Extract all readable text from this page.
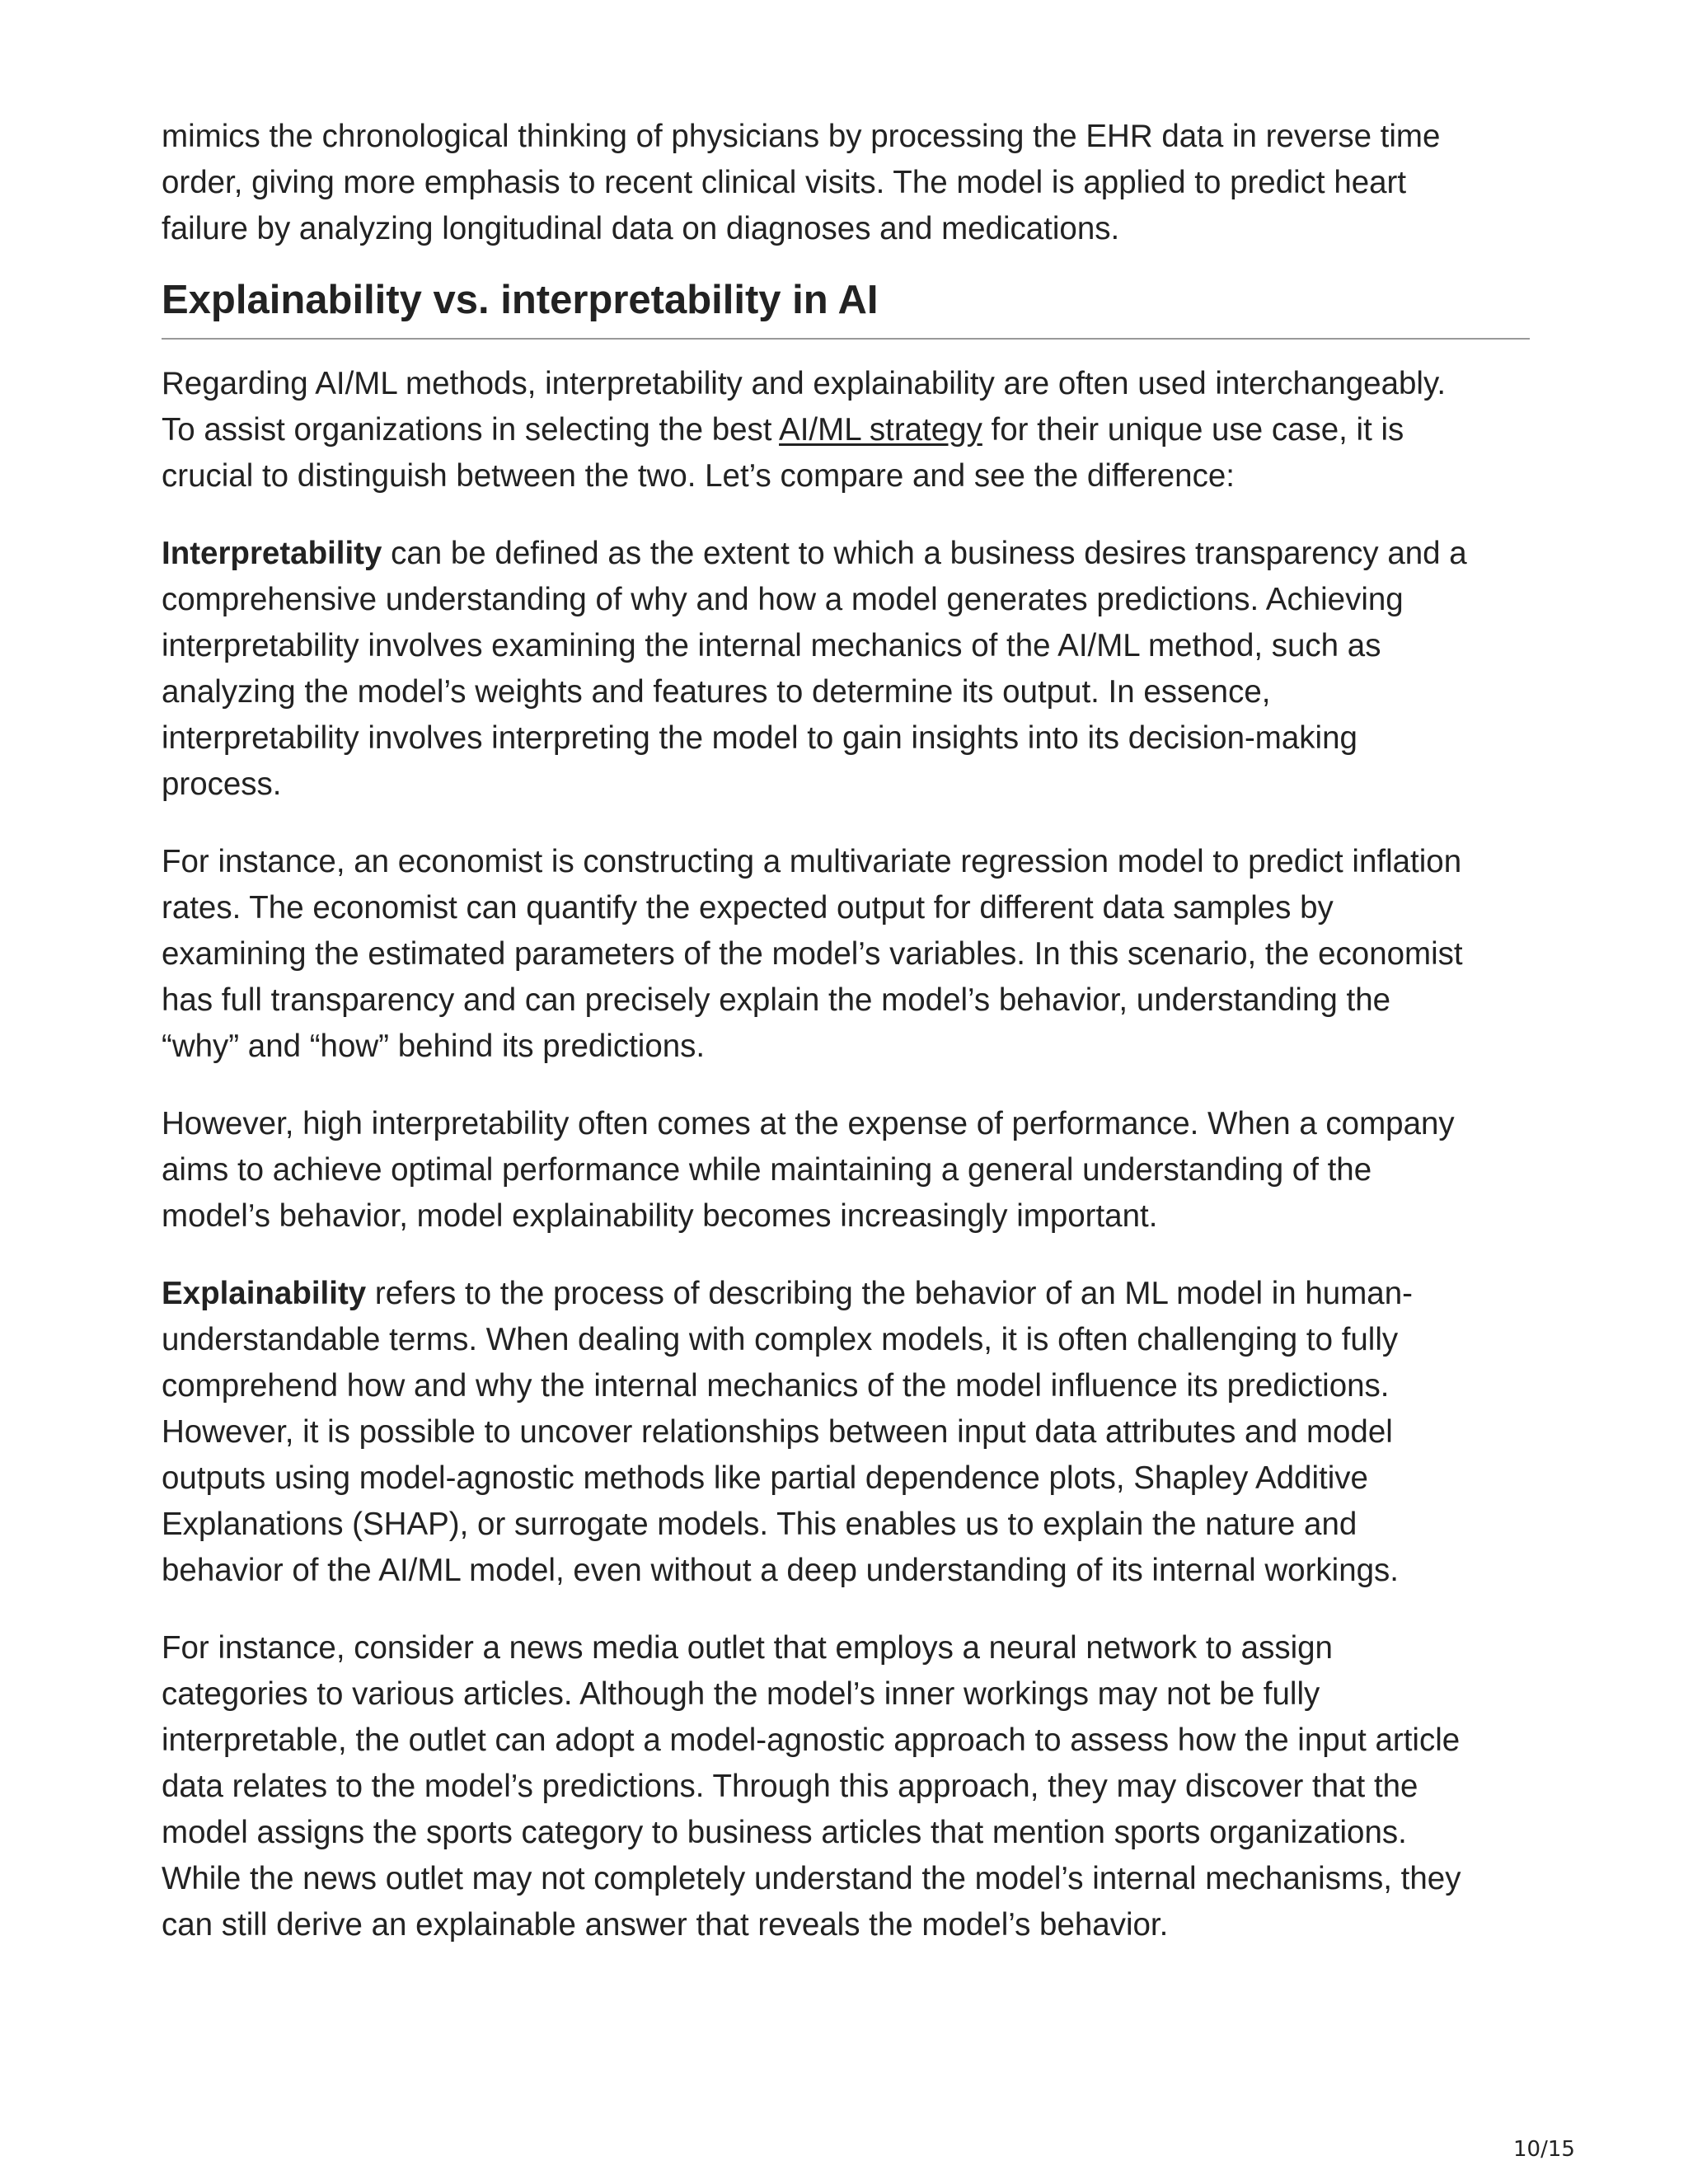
mimics the chronological thinking of physicians by processing the EHR data in reverse time
order, giving more emphasis to recent clinical visits. The model is applied to predict heart
failure by analyzing longitudinal data on diagnoses and medications.

Explainability vs. interpretability in AI

Regarding AI/ML methods, interpretability and explainability are often used interchangeably.
To assist organizations in selecting the best AI/ML strategy for their unique use case, it is
crucial to distinguish between the two. Let’s compare and see the difference:

Interpretability can be defined as the extent to which a business desires transparency and a
comprehensive understanding of why and how a model generates predictions. Achieving
interpretability involves examining the internal mechanics of the AI/ML method, such as
analyzing the model’s weights and features to determine its output. In essence,
interpretability involves interpreting the model to gain insights into its decision-making
process.

For instance, an economist is constructing a multivariate regression model to predict inflation
rates. The economist can quantify the expected output for different data samples by
examining the estimated parameters of the model’s variables. In this scenario, the economist
has full transparency and can precisely explain the model’s behavior, understanding the
“why” and “how” behind its predictions.

However, high interpretability often comes at the expense of performance. When a company
aims to achieve optimal performance while maintaining a general understanding of the
model’s behavior, model explainability becomes increasingly important.

Explainability refers to the process of describing the behavior of an ML model in human-
understandable terms. When dealing with complex models, it is often challenging to fully
comprehend how and why the internal mechanics of the model influence its predictions.
However, it is possible to uncover relationships between input data attributes and model
outputs using model-agnostic methods like partial dependence plots, Shapley Additive
Explanations (SHAP), or surrogate models. This enables us to explain the nature and
behavior of the AI/ML model, even without a deep understanding of its internal workings.

For instance, consider a news media outlet that employs a neural network to assign
categories to various articles. Although the model’s inner workings may not be fully
interpretable, the outlet can adopt a model-agnostic approach to assess how the input article
data relates to the model’s predictions. Through this approach, they may discover that the
model assigns the sports category to business articles that mention sports organizations.
While the news outlet may not completely understand the model’s internal mechanisms, they
can still derive an explainable answer that reveals the model’s behavior.

10/15
